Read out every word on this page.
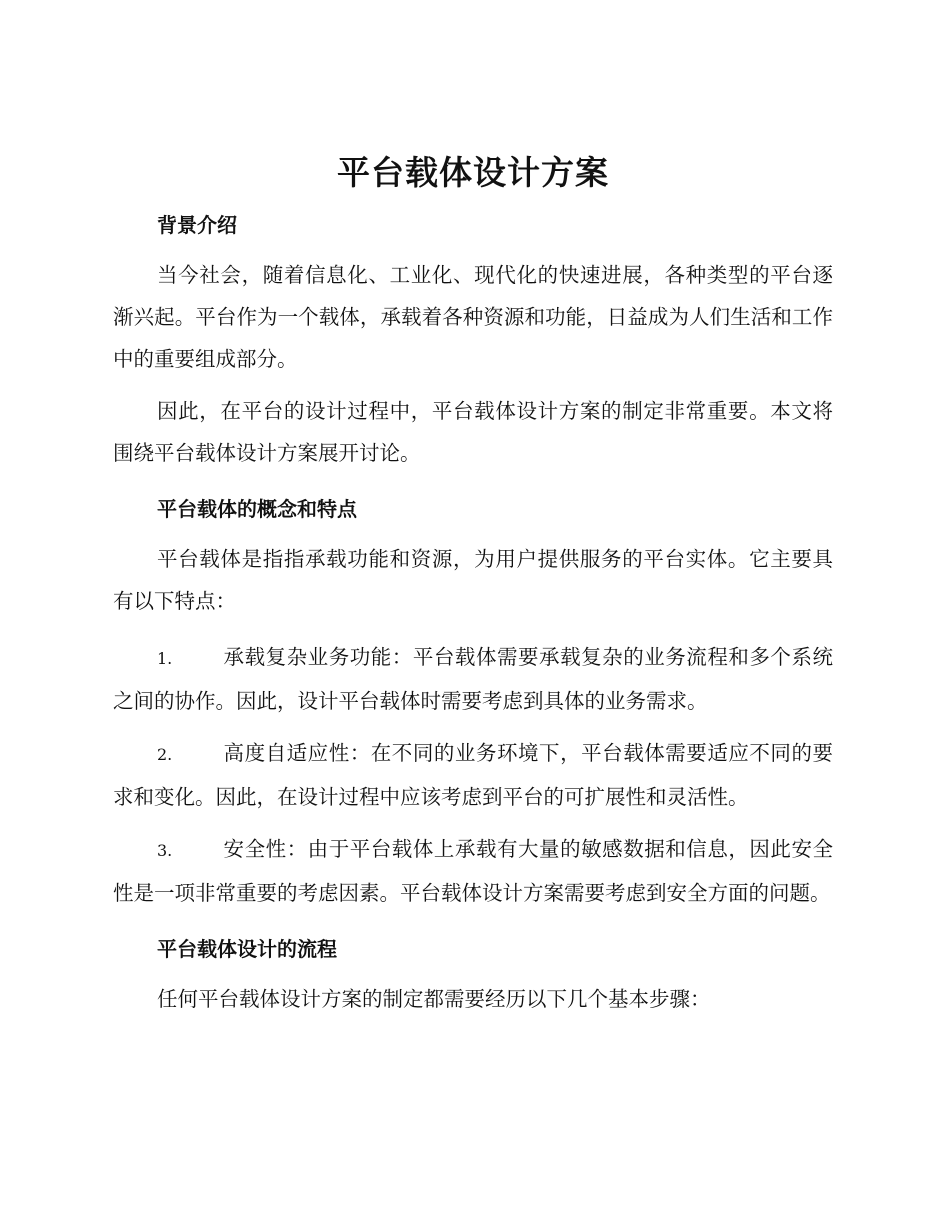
平台载体设计方案
背景介绍

当今社会，随着信息化、工业化、现代化的快速进展，各种类型的平台逐渐兴起。平台作为一个载体，承载着各种资源和功能，日益成为人们生活和工作中的重要组成部分。

因此，在平台的设计过程中，平台载体设计方案的制定非常重要。本文将围绕平台载体设计方案展开讨论。

平台载体的概念和特点

平台载体是指指承载功能和资源，为用户提供服务的平台实体。它主要具有以下特点：

1. 承载复杂业务功能：平台载体需要承载复杂的业务流程和多个系统之间的协作。因此，设计平台载体时需要考虑到具体的业务需求。

2. 高度自适应性：在不同的业务环境下，平台载体需要适应不同的要求和变化。因此，在设计过程中应该考虑到平台的可扩展性和灵活性。

3. 安全性：由于平台载体上承载有大量的敏感数据和信息，因此安全性是一项非常重要的考虑因素。平台载体设计方案需要考虑到安全方面的问题。

平台载体设计的流程

任何平台载体设计方案的制定都需要经历以下几个基本步骤：
